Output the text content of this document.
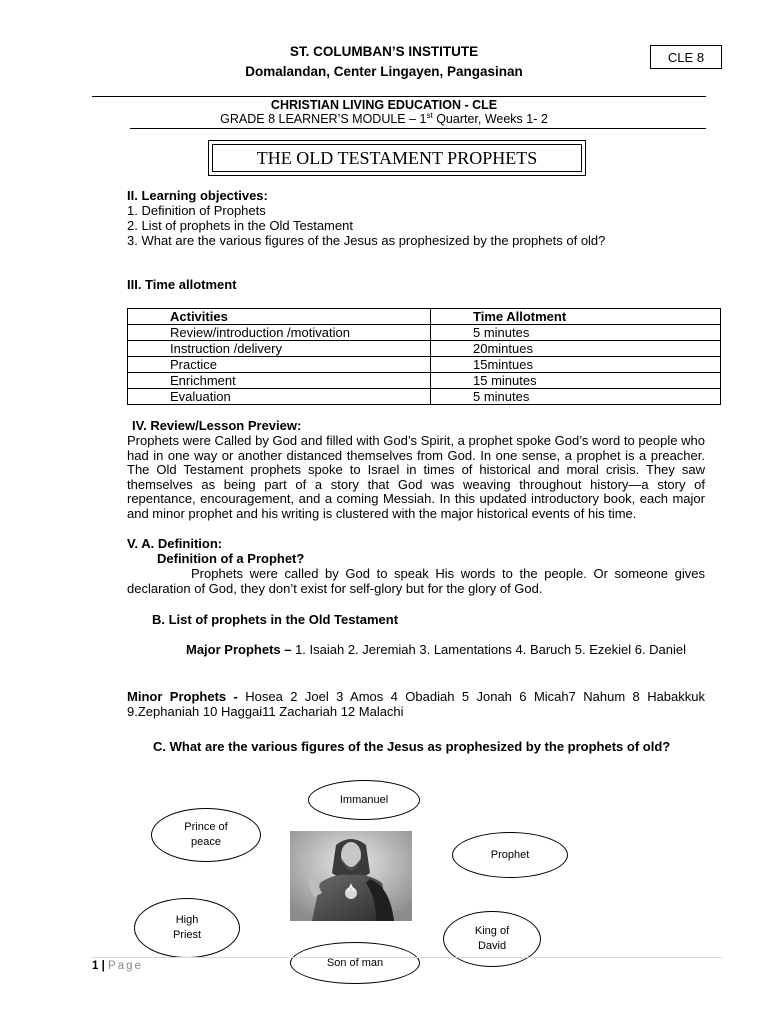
ST. COLUMBAN’S INSTITUTE
Domalandan, Center Lingayen, Pangasinan
CLE 8
CHRISTIAN LIVING EDUCATION - CLE
GRADE 8 LEARNER’S MODULE – 1st Quarter, Weeks 1- 2
THE OLD TESTAMENT PROPHETS
II. Learning objectives:
1. Definition of Prophets
2. List of prophets in the Old Testament
3. What are the various figures of the Jesus as prophesized by the prophets of old?
III. Time allotment
Activities	Time Allotment
Review/introduction /motivation	5 minutes
Instruction /delivery	20mintues
Practice	15mintues
Enrichment	15 minutes
Evaluation	5 minutes
IV. Review/Lesson Preview:
Prophets were Called by God and filled with God’s Spirit, a prophet spoke God’s word to people who had in one way or another distanced themselves from God. In one sense, a prophet is a preacher. The Old Testament prophets spoke to Israel in times of historical and moral crisis. They saw themselves as being part of a story that God was weaving throughout history—a story of repentance, encouragement, and a coming Messiah. In this updated introductory book, each major and minor prophet and his writing is clustered with the major historical events of his time.
V. A. Definition:
Definition of a Prophet?
Prophets were called by God to speak His words to the people. Or someone gives declaration of God, they don’t exist for self-glory but for the glory of God.
B. List of prophets in the Old Testament
Major Prophets – 1. Isaiah 2. Jeremiah 3. Lamentations 4. Baruch 5. Ezekiel 6. Daniel
Minor Prophets - Hosea 2 Joel 3 Amos 4 Obadiah 5 Jonah 6 Micah7 Nahum 8 Habakkuk 9.Zephaniah 10 Haggai11 Zachariah 12 Malachi
C. What are the various figures of the Jesus as prophesized by the prophets of old?
Immanuel
Prince of
peace
Prophet
High
Priest	King of
David
Son of man
1 | Page
